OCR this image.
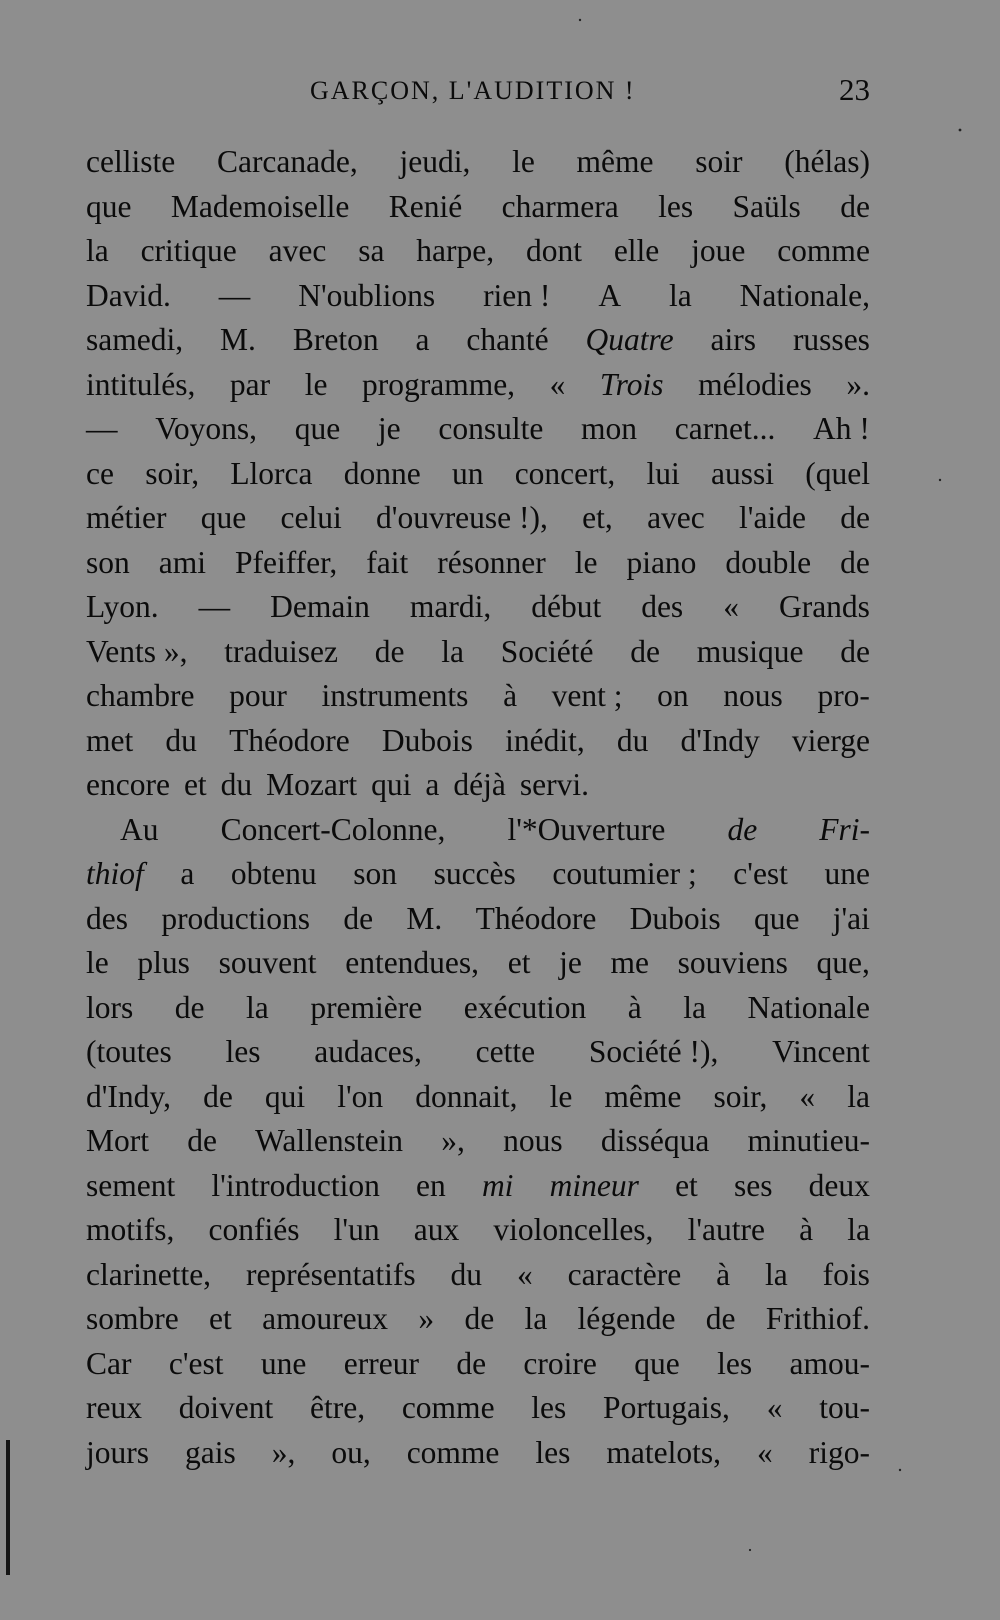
GARÇON, L'AUDITION !	23
celliste Carcanade, jeudi, le même soir (hélas)
que Mademoiselle Renié charmera les Saüls de
la critique avec sa harpe, dont elle joue comme
David. — N'oublions rien ! A la Nationale,
samedi, M. Breton a chanté Quatre airs russes
intitulés, par le programme, « Trois mélodies ».
— Voyons, que je consulte mon carnet... Ah !
ce soir, Llorca donne un concert, lui aussi (quel
métier que celui d'ouvreuse !), et, avec l'aide de
son ami Pfeiffer, fait résonner le piano double de
Lyon. — Demain mardi, début des « Grands
Vents », traduisez de la Société de musique de
chambre pour instruments à vent ; on nous pro-
met du Théodore Dubois inédit, du d'Indy vierge
encore et du Mozart qui a déjà servi.
Au Concert-Colonne, l'*Ouverture de Fri-
thiof a obtenu son succès coutumier ; c'est une
des productions de M. Théodore Dubois que j'ai
le plus souvent entendues, et je me souviens que,
lors de la première exécution à la Nationale
(toutes les audaces, cette Société !), Vincent
d'Indy, de qui l'on donnait, le même soir, « la
Mort de Wallenstein », nous disséqua minutieu-
sement l'introduction en mi mineur et ses deux
motifs, confiés l'un aux violoncelles, l'autre à la
clarinette, représentatifs du « caractère à la fois
sombre et amoureux » de la légende de Frithiof.
Car c'est une erreur de croire que les amou-
reux doivent être, comme les Portugais, « tou-
jours gais », ou, comme les matelots, « rigo-
